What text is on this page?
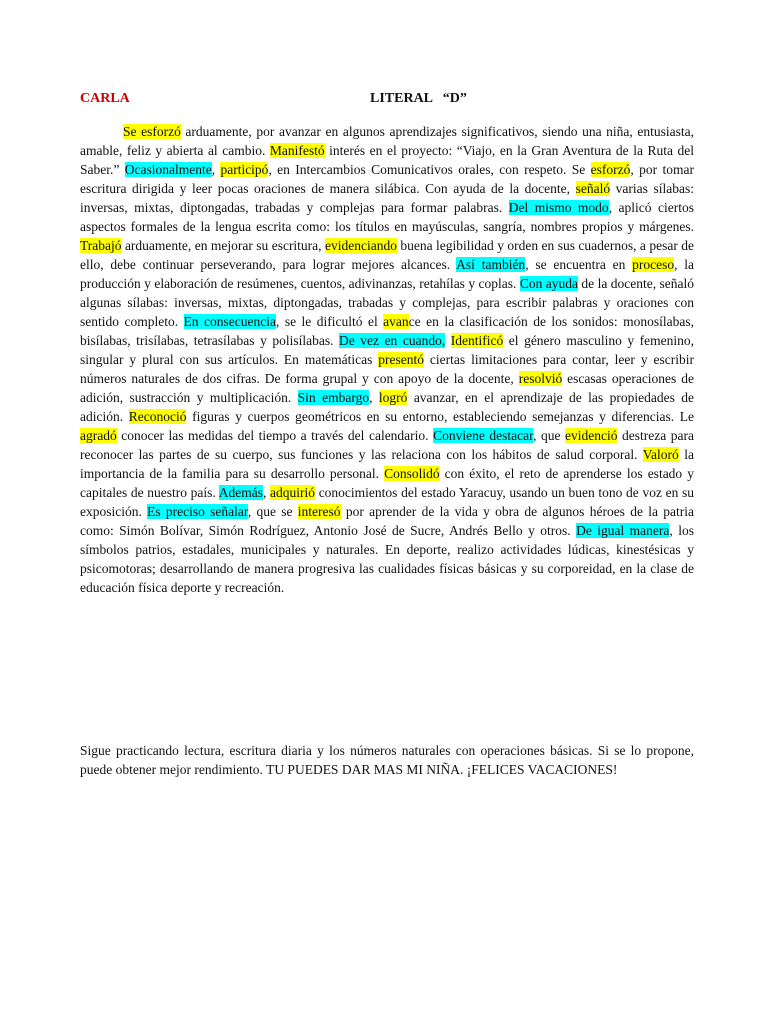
CARLA	LITERAL   “D”

Se esforzó arduamente, por avanzar en algunos aprendizajes significativos, siendo una niña, entusiasta, amable, feliz y abierta al cambio. Manifestó interés en el proyecto: “Viajo, en la Gran Aventura de la Ruta del Saber.” Ocasionalmente, participó, en Intercambios Comunicativos orales, con respeto. Se esforzó, por tomar escritura dirigida y leer pocas oraciones de manera silábica. Con ayuda de la docente, señaló varias sílabas: inversas, mixtas, diptongadas, trabadas y complejas para formar palabras. Del mismo modo, aplicó ciertos aspectos formales de la lengua escrita como: los títulos en mayúsculas, sangría, nombres propios y márgenes. Trabajó arduamente, en mejorar su escritura, evidenciando buena legibilidad y orden en sus cuadernos, a pesar de ello, debe continuar perseverando, para lograr mejores alcances. Así también, se encuentra en proceso, la producción y elaboración de resúmenes, cuentos, adivinanzas, retahílas y coplas. Con ayuda de la docente, señaló algunas sílabas: inversas, mixtas, diptongadas, trabadas y complejas, para escribir palabras y oraciones con sentido completo. En consecuencia, se le dificultó el avance en la clasificación de los sonidos: monosílabas, bisílabas, trisílabas, tetrasílabas y polisílabas. De vez en cuando, Identificó el género masculino y femenino, singular y plural con sus artículos. En matemáticas presentó ciertas limitaciones para contar, leer y escribir números naturales de dos cifras. De forma grupal y con apoyo de la docente, resolvió escasas operaciones de adición, sustracción y multiplicación. Sin embargo, logró avanzar, en el aprendizaje de las propiedades de adición. Reconoció figuras y cuerpos geométricos en su entorno, estableciendo semejanzas y diferencias. Le agradó conocer las medidas del tiempo a través del calendario. Conviene destacar, que evidenció destreza para reconocer las partes de su cuerpo, sus funciones y las relaciona con los hábitos de salud corporal. Valoró la importancia de la familia para su desarrollo personal. Consolidó con éxito, el reto de aprenderse los estado y capitales de nuestro país. Además, adquirió conocimientos del estado Yaracuy, usando un buen tono de voz en su exposición. Es preciso señalar, que se interesó por aprender de la vida y obra de algunos héroes de la patria como: Simón Bolívar, Simón Rodríguez, Antonio José de Sucre, Andrés Bello y otros. De igual manera, los símbolos patrios, estadales, municipales y naturales. En deporte, realizo actividades lúdicas, kinestésicas y psicomotoras; desarrollando de manera progresiva las cualidades físicas básicas y su corporeidad, en la clase de educación física deporte y recreación.

Sigue practicando lectura, escritura diaria y los números naturales con operaciones básicas. Si se lo propone, puede obtener mejor rendimiento. TU PUEDES DAR MAS MI NIÑA. ¡FELICES VACACIONES!
